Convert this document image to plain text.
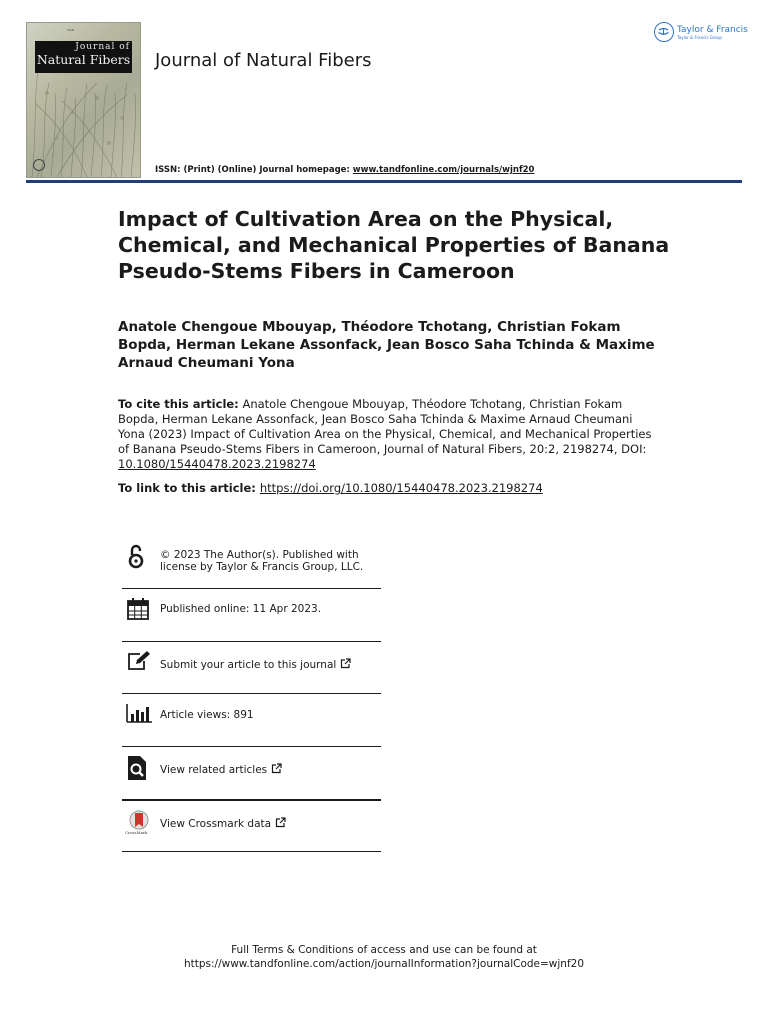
ISSN
Journal of
Natural Fibers Journal of Natural Fibers
Taylor & Francis
Taylor & Francis Group
ISSN: (Print) (Online) Journal homepage: www.tandfonline.com/journals/wjnf20
Impact of Cultivation Area on the Physical, Chemical, and Mechanical Properties of Banana Pseudo-Stems Fibers in Cameroon
Anatole Chengoue Mbouyap, Théodore Tchotang, Christian Fokam Bopda, Herman Lekane Assonfack, Jean Bosco Saha Tchinda & Maxime Arnaud Cheumani Yona
To cite this article: Anatole Chengoue Mbouyap, Théodore Tchotang, Christian Fokam Bopda, Herman Lekane Assonfack, Jean Bosco Saha Tchinda & Maxime Arnaud Cheumani Yona (2023) Impact of Cultivation Area on the Physical, Chemical, and Mechanical Properties of Banana Pseudo-Stems Fibers in Cameroon, Journal of Natural Fibers, 20:2, 2198274, DOI: 10.1080/15440478.2023.2198274
To link to this article: https://doi.org/10.1080/15440478.2023.2198274
© 2023 The Author(s). Published with
license by Taylor & Francis Group, LLC.
Published online: 11 Apr 2023.
Submit your article to this journal
Article views: 891
View related articles
CrossMark
View Crossmark data
Full Terms & Conditions of access and use can be found at
https://www.tandfonline.com/action/journalInformation?journalCode=wjnf20
